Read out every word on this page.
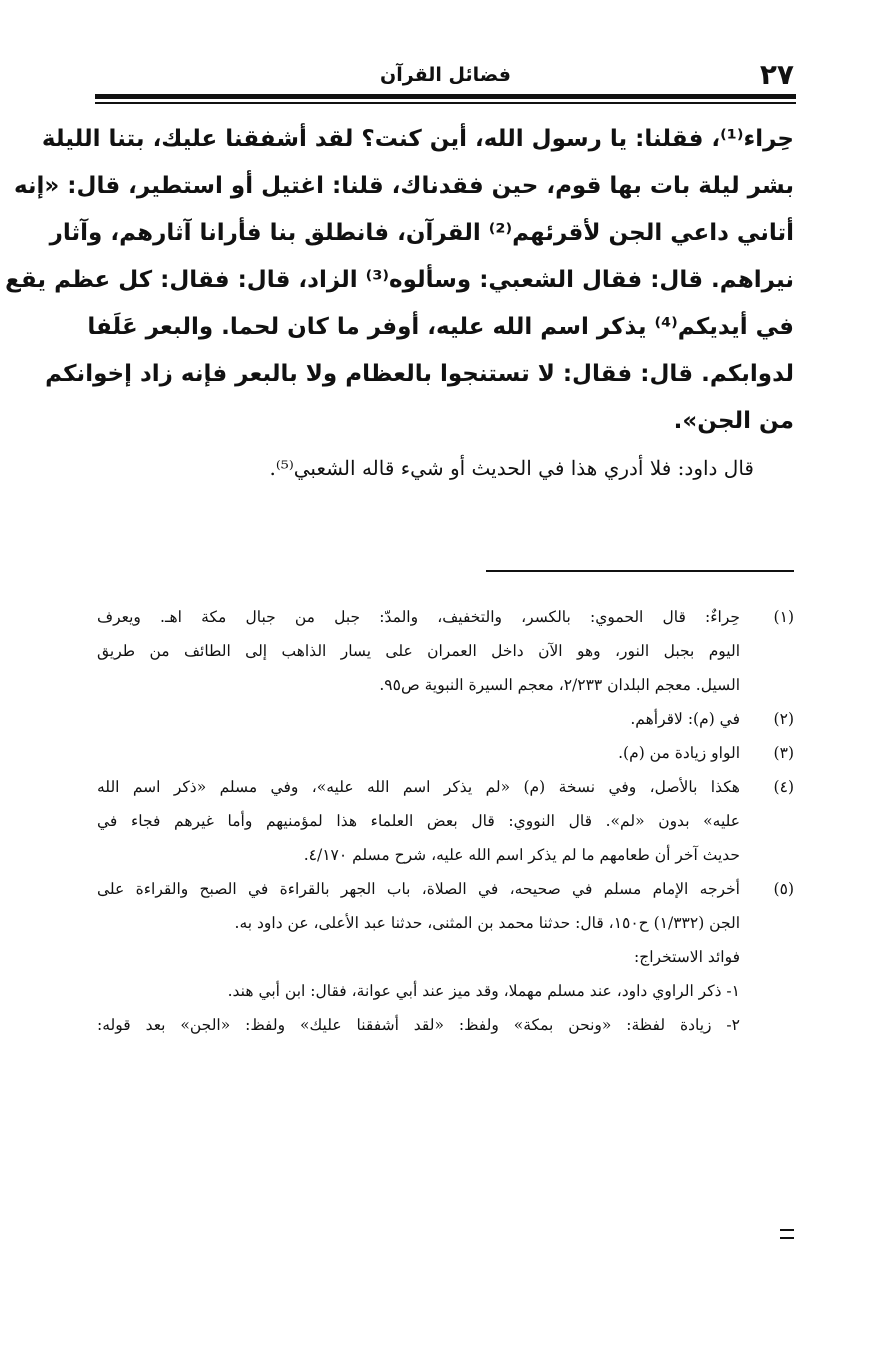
٢٧
فضائل القرآن
حِراء⁽¹⁾، فقلنا: يا رسول الله، أين كنت؟ لقد أشفقنا عليك، بتنا الليلة
بشر ليلة بات بها قوم، حين فقدناك، قلنا: اغتيل أو استطير، قال: «إنه
أتاني داعي الجن لأقرئهم⁽²⁾ القرآن، فانطلق بنا فأرانا آثارهم، وآثار
نيراهم. قال: فقال الشعبي: وسألوه⁽³⁾ الزاد، قال: فقال: كل عظم يقع
في أيديكم⁽⁴⁾ يذكر اسم الله عليه، أوفر ما كان لحما. والبعر عَلَفا
لدوابكم. قال: فقال: لا تستنجوا بالعظام ولا بالبعر فإنه زاد إخوانكم
من الجن».
قال داود: فلا أدري هذا في الحديث أو شيء قاله الشعبي⁽⁵⁾.
(١)
حِراءٌ: قال الحموي: بالكسر، والتخفيف، والمدّ: جبل من جبال مكة اهـ. ويعرف
اليوم بجبل النور، وهو الآن داخل العمران على يسار الذاهب إلى الطائف من طريق
السيل. معجم البلدان ٢/٢٣٣، معجم السيرة النبوية ص٩٥.
(٢)
في (م): لاقرأهم.
(٣)
الواو زيادة من (م).
(٤)
هكذا بالأصل، وفي نسخة (م) «لم يذكر اسم الله عليه»، وفي مسلم «ذكر اسم الله
عليه» بدون «لم». قال النووي: قال بعض العلماء هذا لمؤمنيهم وأما غيرهم فجاء في
حديث آخر أن طعامهم ما لم يذكر اسم الله عليه، شرح مسلم ٤/١٧٠.
(٥)
أخرجه الإمام مسلم في صحيحه، في الصلاة، باب الجهر بالقراءة في الصبح والقراءة على
الجن (١/٣٣٢) ح١٥٠، قال: حدثنا محمد بن المثنى، حدثنا عبد الأعلى، عن داود به.
فوائد الاستخراج:
١- ذكر الراوي داود، عند مسلم مهملا، وقد ميز عند أبي عوانة، فقال: ابن أبي هند.
٢- زيادة لفظة: «ونحن بمكة» ولفظ: «لقد أشفقنا عليك» ولفظ: «الجن» بعد قوله:
